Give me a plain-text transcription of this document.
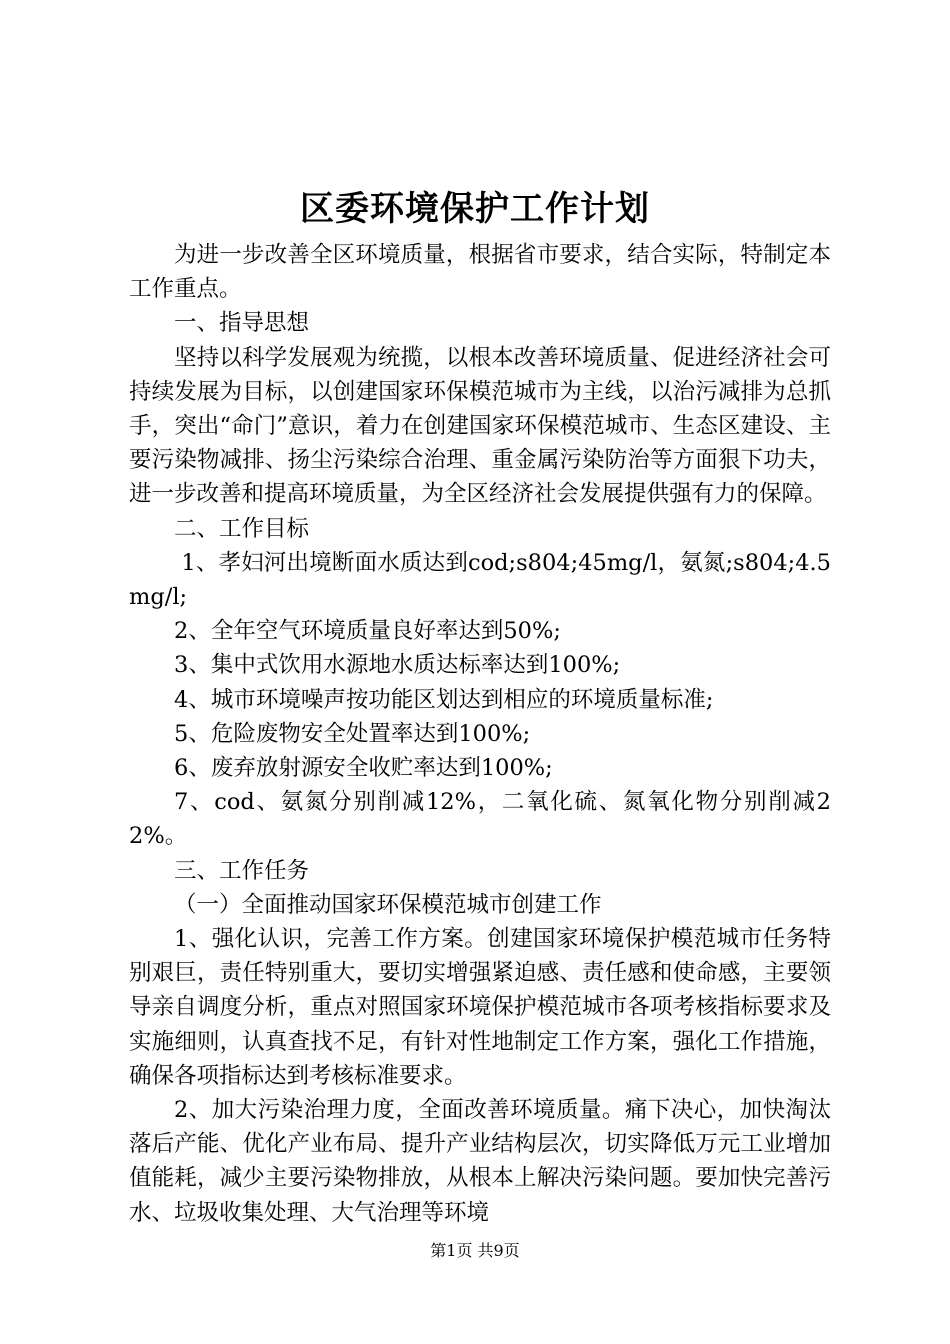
区委环境保护工作计划

为进一步改善全区环境质量，根据省市要求，结合实际，特制定本工作重点。

一、指导思想

坚持以科学发展观为统揽，以根本改善环境质量、促进经济社会可持续发展为目标，以创建国家环保模范城市为主线，以治污减排为总抓手，突出“命门”意识，着力在创建国家环保模范城市、生态区建设、主要污染物减排、扬尘污染综合治理、重金属污染防治等方面狠下功夫，进一步改善和提高环境质量，为全区经济社会发展提供强有力的保障。

二、工作目标

1、孝妇河出境断面水质达到cod;s804;45mg/l，氨氮;s804;4.5mg/l;

2、全年空气环境质量良好率达到50%;

3、集中式饮用水源地水质达标率达到100%;

4、城市环境噪声按功能区划达到相应的环境质量标准;

5、危险废物安全处置率达到100%;

6、废弃放射源安全收贮率达到100%;

7、cod、氨氮分别削减12%，二氧化硫、氮氧化物分别削减22%。

三、工作任务

（一）全面推动国家环保模范城市创建工作

1、强化认识，完善工作方案。创建国家环境保护模范城市任务特别艰巨，责任特别重大，要切实增强紧迫感、责任感和使命感，主要领导亲自调度分析，重点对照国家环境保护模范城市各项考核指标要求及实施细则，认真查找不足，有针对性地制定工作方案，强化工作措施，确保各项指标达到考核标准要求。

2、加大污染治理力度，全面改善环境质量。痛下决心，加快淘汰落后产能、优化产业布局、提升产业结构层次，切实降低万元工业增加值能耗，减少主要污染物排放，从根本上解决污染问题。要加快完善污水、垃圾收集处理、大气治理等环境

第1页 共9页
